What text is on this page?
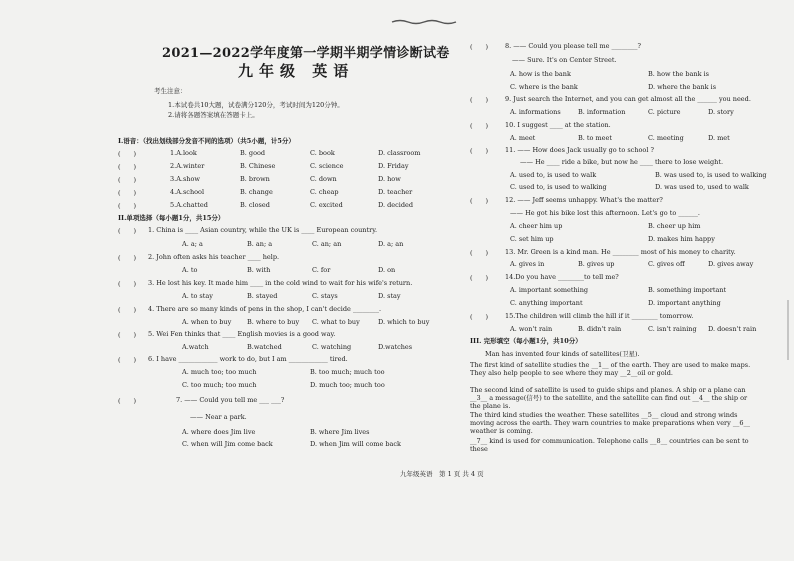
2021—2022学年度第一学期半期学情诊断试卷
九年级 英语
考生注意：
1.本试卷共10大题，试卷满分120分，考试时间为120分钟。
2.请将各题答案填在答题卡上。
I.语音：（找出划线部分发音不同的选项）（共5小题，计5分）
(　　)	1.A.look	B. good	C. book	D. classroom
(　　)	2.A.winter	B. Chinese	C. science	D. Friday
(　　)	3.A.show	B. brown	C. down	D. how
(　　)	4.A.school	B. change	C. cheap	D. teacher
(　　)	5.A.chatted	B. closed	C. excited	D. decided
II.单项选择（每小题1分，共15分）
(　　) 1. China is ____ Asian country, while the UK is ____ European country.
A. a; a	B. an; a	C. an; an	D. a; an
(　　) 2. John often asks his teacher ____ help.
A. to	B. with	C. for	D. on
(　　) 3. He lost his key. It made him ____ in the cold wind to wait for his wife's return.
A. to stay	B. stayed	C. stays	D. stay
(　　) 4. There are so many kinds of pens in the shop, I can't decide ________.
A. when to buy B. where to buy C. what to buy	D. which to buy
(　　) 5. Wei Fen thinks that ____ English movies is a good way.
A.watch	B.watched	C. watching	D.watches
(　　) 6. I have ____________ work to do, but I am ____________ tired.
A. much too; too much	B. too much; much too
C. too much; too much	D. much too; much too
(　　)	7. —— Could you tell me ___ ___?
—— Near a park.
A. where does Jim live	B. where Jim lives
C. when will Jim come back	D. when Jim will come back
(　　)	8. —— Could you please tell me ________?
—— Sure. It's on Center Street.
A. how is the bank	B. how the bank is
C. where is the bank	D. where the bank is
(　　)	9. Just search the Internet, and you can get almost all the ______ you need.
A. informations	B. information	C. picture	D. story
(　　)	10. I suggest ____ at the station.
A. meet	B. to meet	C. meeting	D. met
(　　)	11. —— How does Jack usually go to school ?
—— He ____ ride a bike, but now he ____ there to lose weight.
A. used to, is used to walk	B. was used to, is used to walking
C. used to, is used to walking	D. was used to, used to walk
(　　)	12. —— Jeff seems unhappy. What's the matter?
—— He got his bike lost this afternoon. Let's go to ______.
A. cheer him up	B. cheer up him
C. set him up	D. makes him happy
(　　)	13. Mr. Green is a kind man. He ________ most of his money to charity.
A. gives in	B. gives up	C. gives off	D. gives away
(　　)	14.Do you have ________to tell me?
A. important something	B. something important
C. anything important	D. important anything
(　　)	15.The children will climb the hill if it ________ tomorrow.
A. won't rain	B. didn't rain	C. isn't raining D. doesn't rain
III. 完形填空（每小题1分，共10分）
Man has invented four kinds of satellites(卫星).
The first kind of satellite studies the __1__ of the earth. They are used to make maps. They also help people to see where they may __2__oil or gold.
The second kind of satellite is used to guide ships and planes. A ship or a plane can __3__ a message(信号) to the satellite, and the satellite can find out __4__ the ship or the plane is.
The third kind studies the weather. These satellites __5__ cloud and strong winds moving across the earth. They warn countries to make preparations when very __6__ weather is coming.
__7__ kind is used for communication. Telephone calls __8__ countries can be sent to these
九年级英语　第 1 页 共 4 页
